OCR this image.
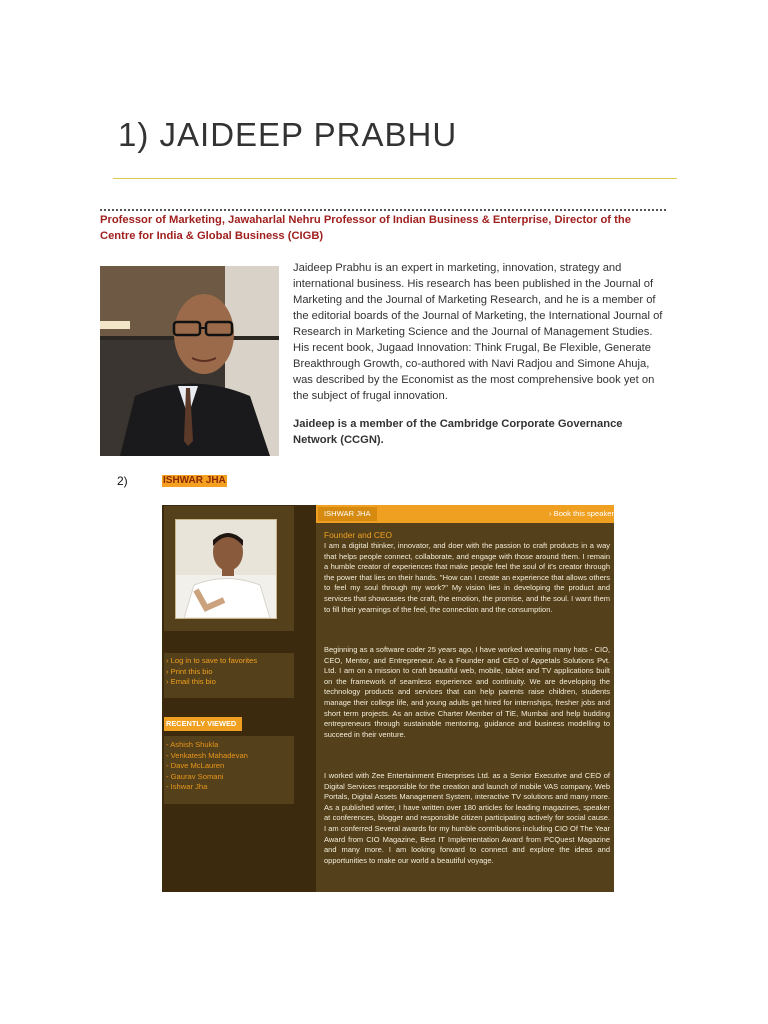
1) JAIDEEP PRABHU
Professor of Marketing, Jawaharlal Nehru Professor of Indian Business & Enterprise, Director of the Centre for India & Global Business (CIGB)

Jaideep Prabhu is an expert in marketing, innovation, strategy and international business. His research has been published in the Journal of Marketing and the Journal of Marketing Research, and he is a member of the editorial boards of the Journal of Marketing, the International Journal of Research in Marketing Science and the Journal of Management Studies. His recent book, Jugaad Innovation: Think Frugal, Be Flexible, Generate Breakthrough Growth, co-authored with Navi Radjou and Simone Ahuja, was described by the Economist as the most comprehensive book yet on the subject of frugal innovation.

Jaideep is a member of the Cambridge Corporate Governance Network (CCGN).

2)	ISHWAR JHA
› Log in to save to favorites
› Print this bio
› Email this bio
RECENTLY VIEWED
- Ashish Shukla
- Venkatesh Mahadevan
- Dave McLauren
- Gaurav Somani
- Ishwar Jha
ISHWAR JHA	› Book this speaker
Founder and CEO

I am a digital thinker, innovator, and doer with the passion to craft products in a way that helps people connect, collaborate, and engage with those around them. I remain a humble creator of experiences that make people feel the soul of it's creator through the power that lies on their hands. "How can I create an experience that allows others to feel my soul through my work?" My vision lies in developing the product and services that showcases the craft, the emotion, the promise, and the soul. I want them to fill their yearnings of the feel, the connection and the consumption.

Beginning as a software coder 25 years ago, I have worked wearing many hats - CIO, CEO, Mentor, and Entrepreneur. As a Founder and CEO of Appetals Solutions Pvt. Ltd. I am on a mission to craft beautiful web, mobile, tablet and TV applications built on the framework of seamless experience and continuity. We are developing the technology products and services that can help parents raise children, students manage their college life, and young adults get hired for internships, fresher jobs and short term projects. As an active Charter Member of TiE, Mumbai and help budding entrepreneurs through sustainable mentoring, guidance and business modelling to succeed in their venture.

I worked with Zee Entertainment Enterprises Ltd. as a Senior Executive and CEO of Digital Services responsible for the creation and launch of mobile VAS company, Web Portals, Digital Assets Management System, interactive TV solutions and many more. As a published writer, I have written over 180 articles for leading magazines, speaker at conferences, blogger and responsible citizen participating actively for social cause. I am conferred Several awards for my humble contributions including CIO Of The Year Award from CIO Magazine, Best IT Implementation Award from PCQuest Magazine and many more. I am looking forward to connect and explore the ideas and opportunities to make our world a beautiful voyage.
